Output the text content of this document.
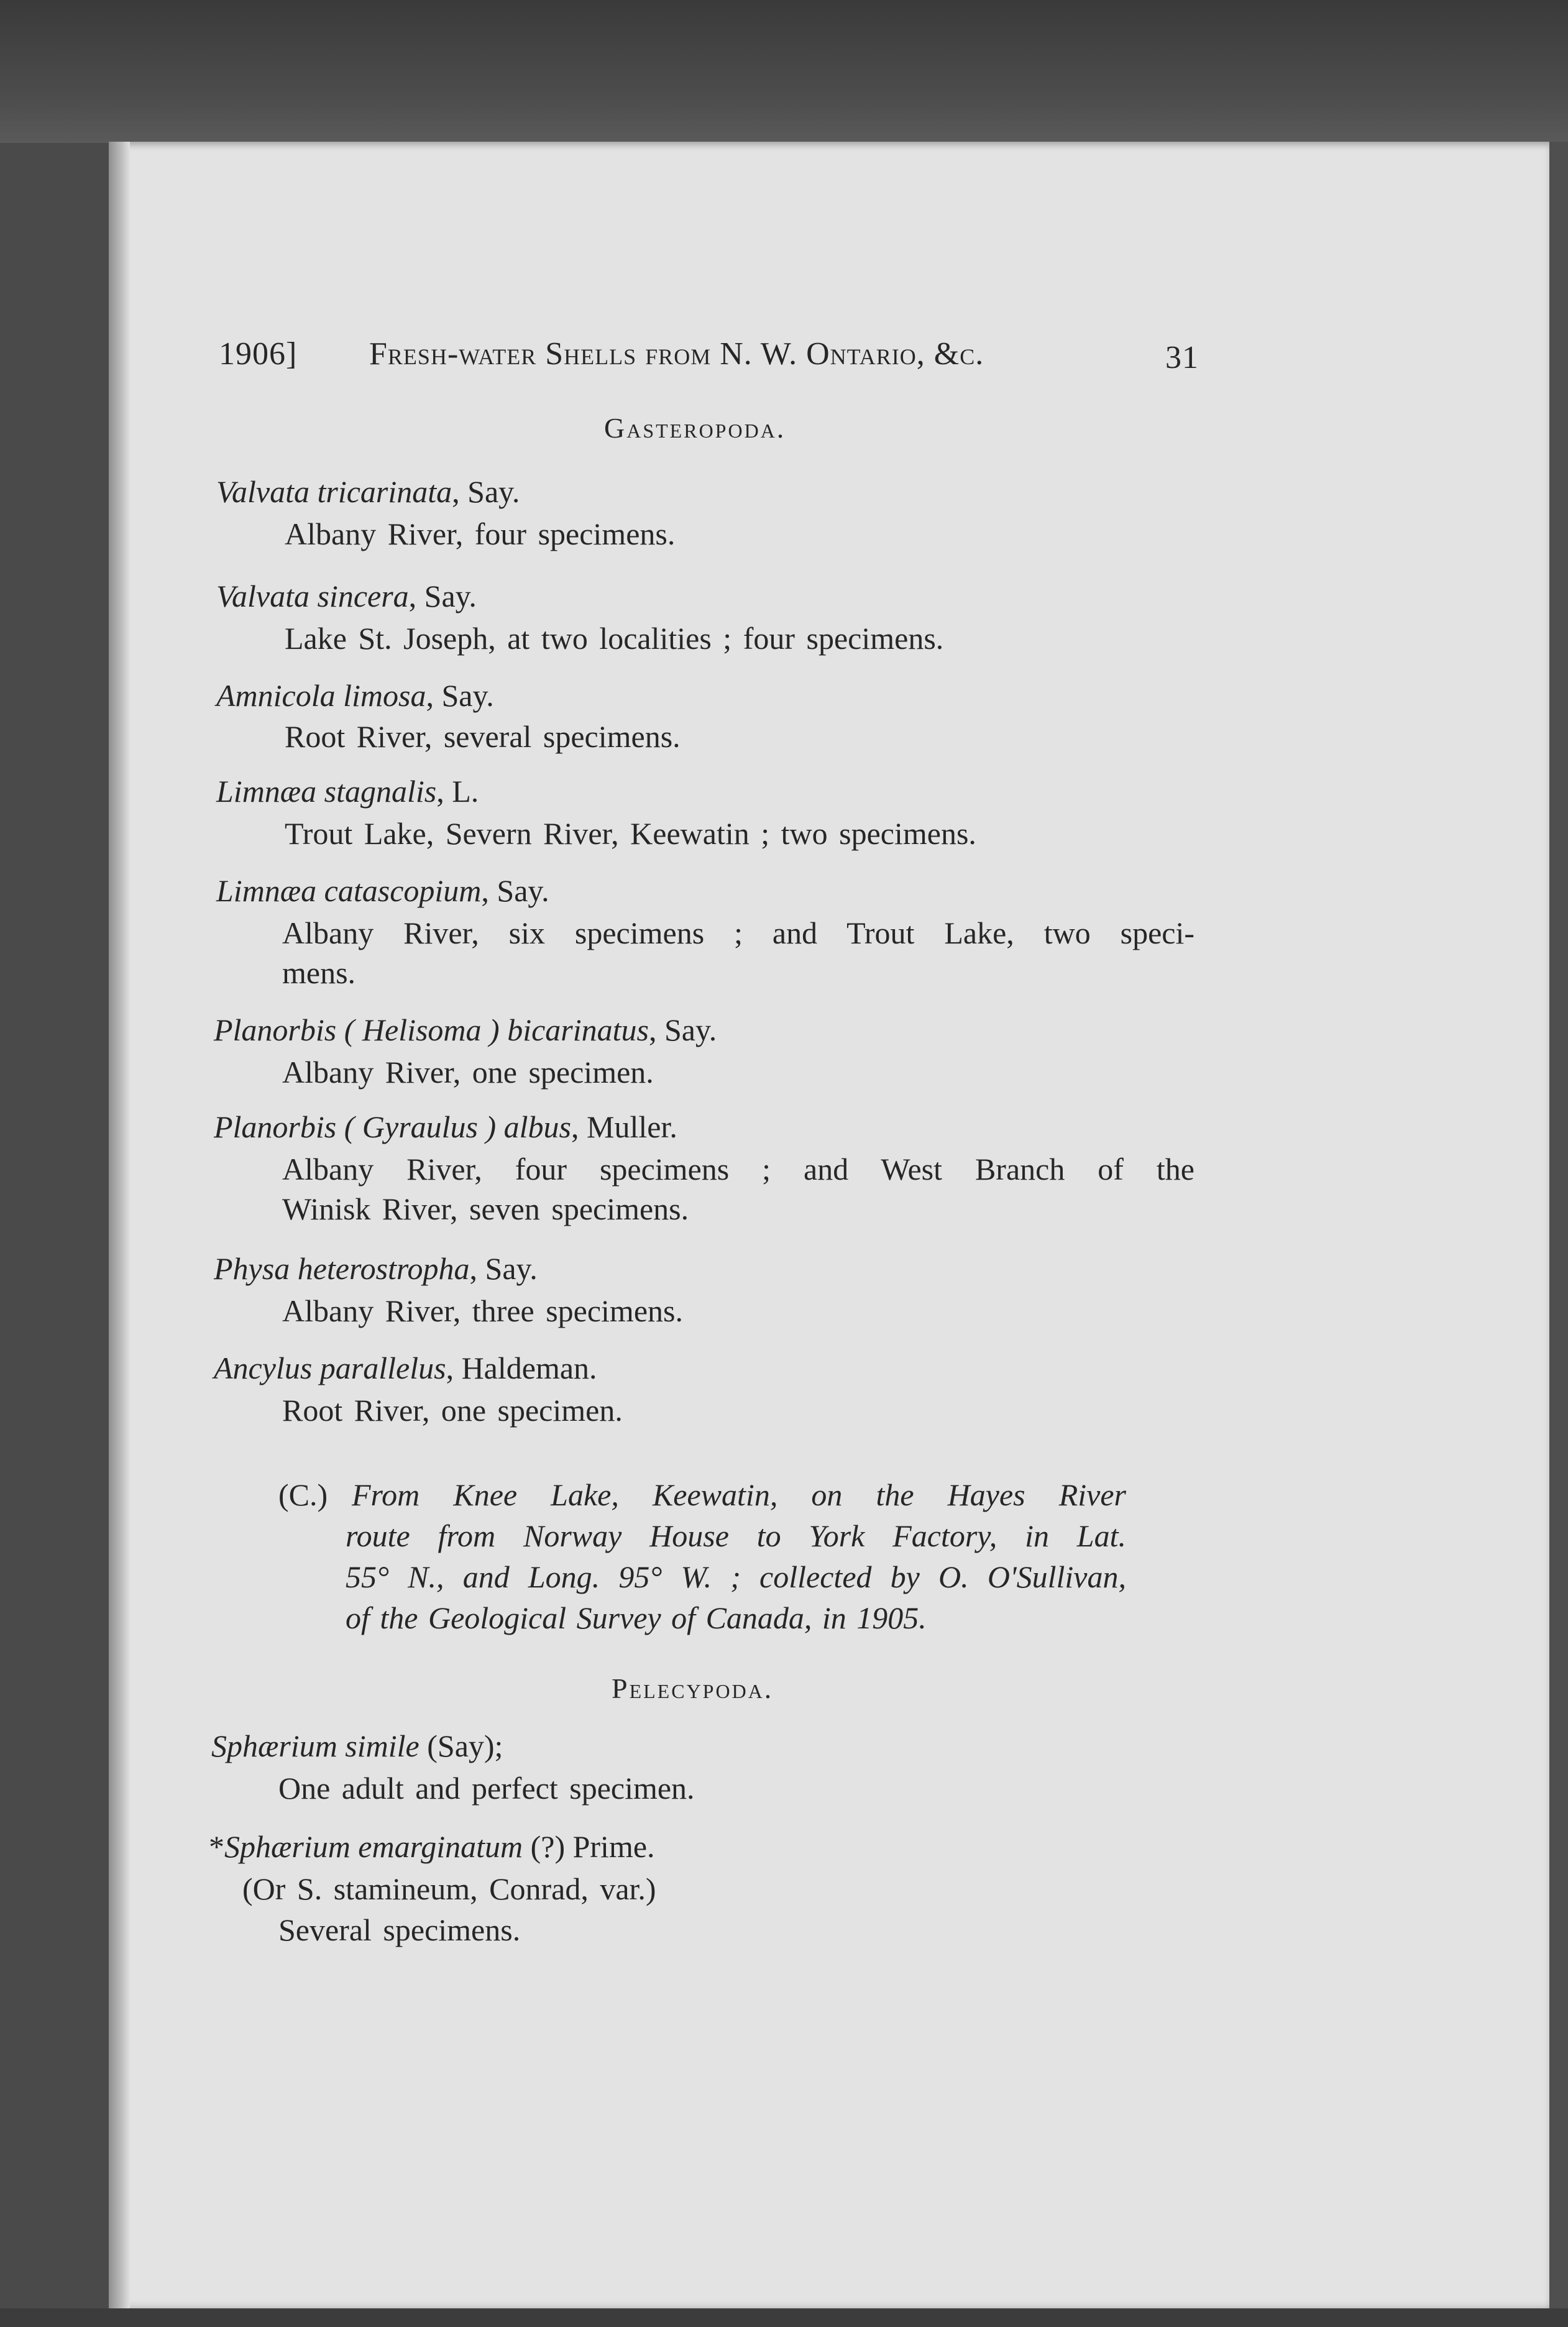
1906] Fresh-water Shells from N. W. Ontario, &c.	31
Gasteropoda.
Valvata tricarinata, Say.
Albany River, four specimens.
Valvata sincera, Say.
Lake St. Joseph, at two localities ; four specimens.
Amnicola limosa, Say.
Root River, several specimens.
Limnæa stagnalis, L.
Trout Lake, Severn River, Keewatin ; two specimens.
Limnæa catascopium, Say.
Albany River, six specimens ; and Trout Lake, two speci-
mens.
Planorbis ( Helisoma ) bicarinatus, Say.
Albany River, one specimen.
Planorbis ( Gyraulus ) albus, Muller.
Albany River, four specimens ; and West Branch of the
Winisk River, seven specimens.
Physa heterostropha, Say.
Albany River, three specimens.
Ancylus parallelus, Haldeman.
Root River, one specimen.
(C.) From Knee Lake, Keewatin, on the Hayes River
route from Norway House to York Factory, in Lat.
55° N., and Long. 95° W. ; collected by O. O'Sullivan,
of the Geological Survey of Canada, in 1905.
Pelecypoda.
Sphærium simile (Say);
One adult and perfect specimen.
*Sphærium emarginatum (?) Prime.
(Or S. stamineum, Conrad, var.)
Several specimens.
